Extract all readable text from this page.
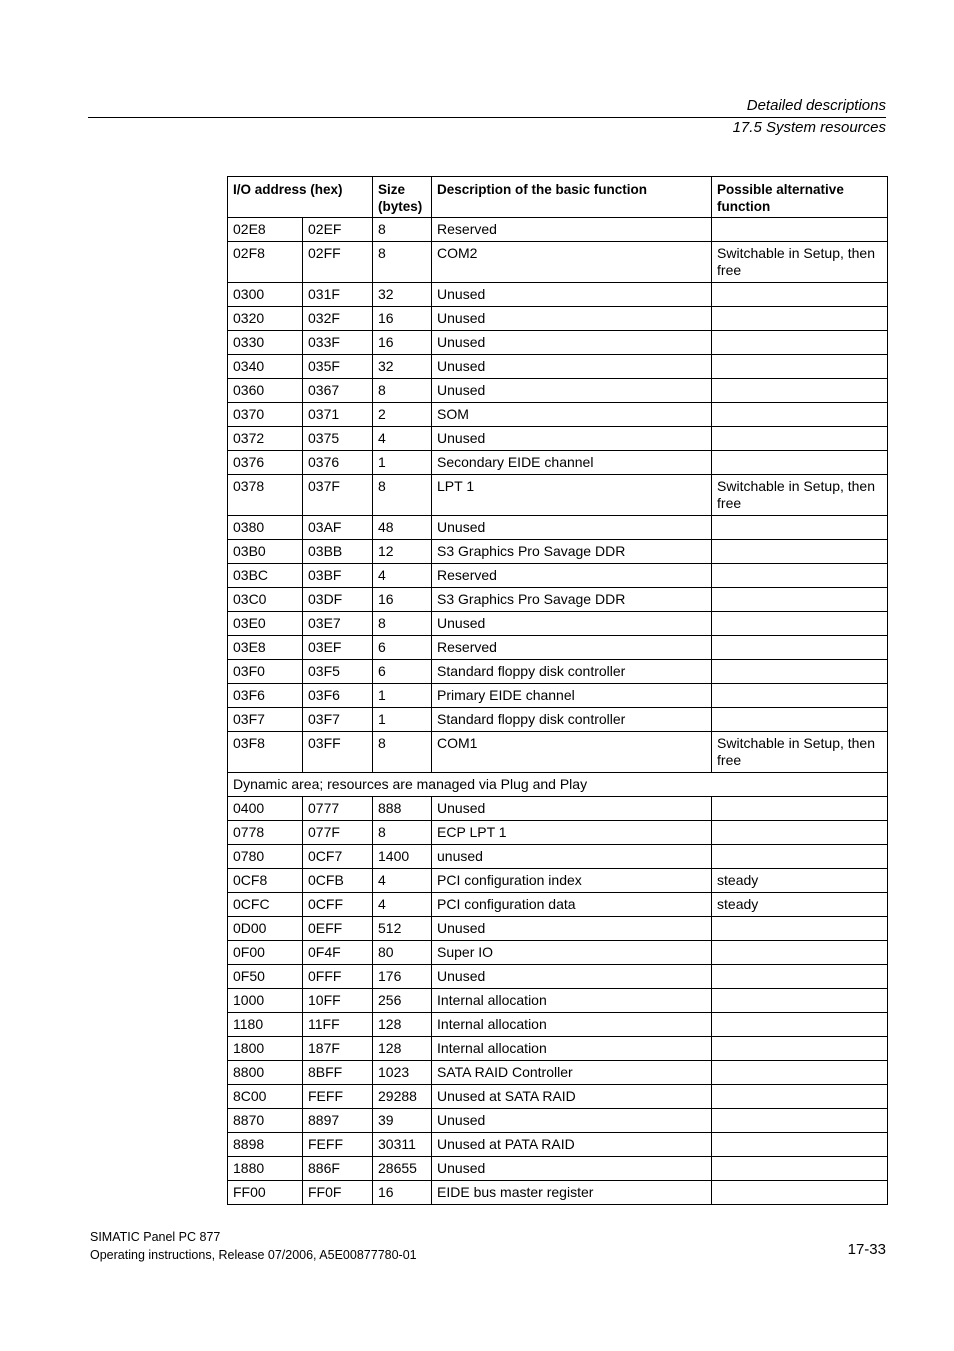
Detailed descriptions
17.5 System resources
I/O address (hex)		Size (bytes)	Description of the basic function	Possible alternative function
02E8	02EF	8	Reserved	
02F8	02FF	8	COM2	Switchable in Setup, then free
0300	031F	32	Unused	
0320	032F	16	Unused	
0330	033F	16	Unused	
0340	035F	32	Unused	
0360	0367	8	Unused	
0370	0371	2	SOM	
0372	0375	4	Unused	
0376	0376	1	Secondary EIDE channel	
0378	037F	8	LPT 1	Switchable in Setup, then free
0380	03AF	48	Unused	
03B0	03BB	12	S3 Graphics Pro Savage DDR	
03BC	03BF	4	Reserved	
03C0	03DF	16	S3 Graphics Pro Savage DDR	
03E0	03E7	8	Unused	
03E8	03EF	6	Reserved	
03F0	03F5	6	Standard floppy disk controller	
03F6	03F6	1	Primary EIDE channel	
03F7	03F7	1	Standard floppy disk controller	
03F8	03FF	8	COM1	Switchable in Setup, then free
Dynamic area; resources are managed via Plug and Play				
0400	0777	888	Unused	
0778	077F	8	ECP LPT 1	
0780	0CF7	1400	unused	
0CF8	0CFB	4	PCI configuration index	steady
0CFC	0CFF	4	PCI configuration data	steady
0D00	0EFF	512	Unused	
0F00	0F4F	80	Super IO	
0F50	0FFF	176	Unused	
1000	10FF	256	Internal allocation	
1180	11FF	128	Internal allocation	
1800	187F	128	Internal allocation	
8800	8BFF	1023	SATA RAID Controller	
8C00	FEFF	29288	Unused at SATA RAID	
8870	8897	39	Unused	
8898	FEFF	30311	Unused at PATA RAID	
1880	886F	28655	Unused	
FF00	FF0F	16	EIDE bus master register	
SIMATIC Panel PC 877
Operating instructions, Release 07/2006, A5E00877780-01	17-33
